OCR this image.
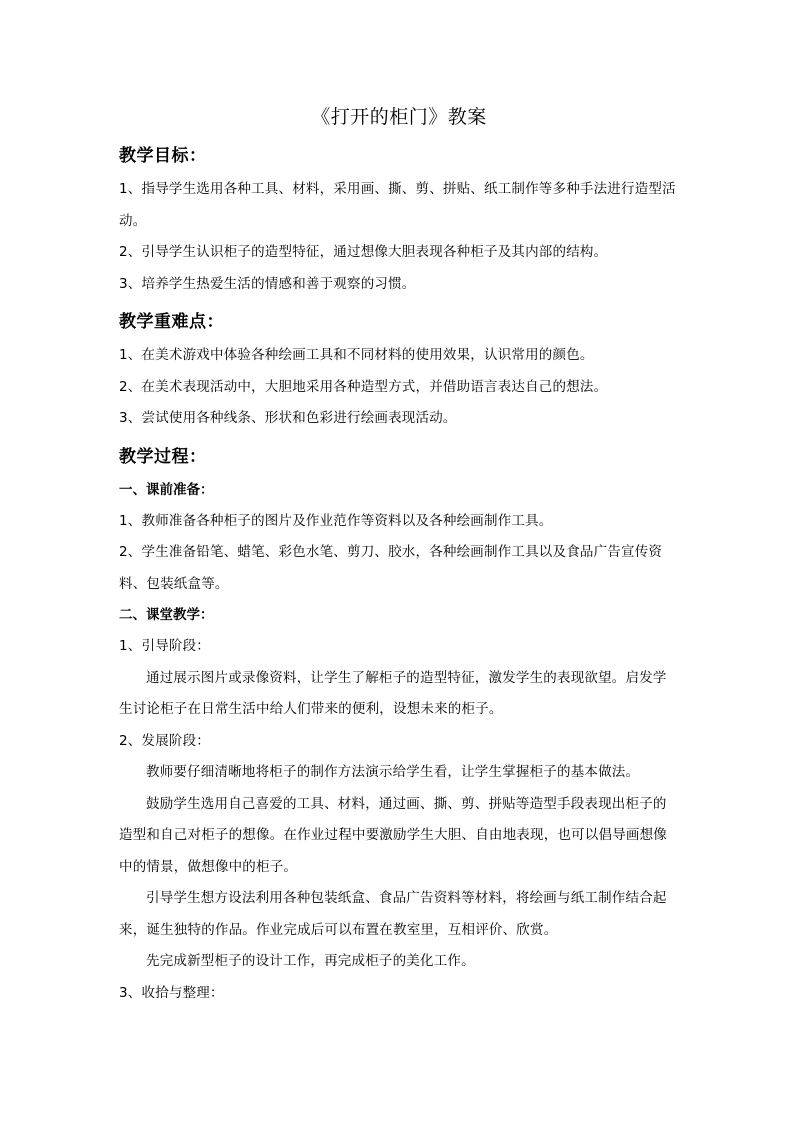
《打开的柜门》教案
教学目标：

1、指导学生选用各种工具、材料，采用画、撕、剪、拼贴、纸工制作等多种手法进行造型活动。

2、引导学生认识柜子的造型特征，通过想像大胆表现各种柜子及其内部的结构。

3、培养学生热爱生活的情感和善于观察的习惯。

教学重难点：

1、在美术游戏中体验各种绘画工具和不同材料的使用效果，认识常用的颜色。

2、在美术表现活动中，大胆地采用各种造型方式，并借助语言表达自己的想法。

3、尝试使用各种线条、形状和色彩进行绘画表现活动。

教学过程：
一、课前准备：

1、教师准备各种柜子的图片及作业范作等资料以及各种绘画制作工具。

2、学生准备铅笔、蜡笔、彩色水笔、剪刀、胶水，各种绘画制作工具以及食品广告宣传资料、包装纸盒等。

二、课堂教学：

1、引导阶段：

通过展示图片或录像资料，让学生了解柜子的造型特征，激发学生的表现欲望。启发学生讨论柜子在日常生活中给人们带来的便利，设想未来的柜子。

2、发展阶段：

教师要仔细清晰地将柜子的制作方法演示给学生看，让学生掌握柜子的基本做法。

鼓励学生选用自己喜爱的工具、材料，通过画、撕、剪、拼贴等造型手段表现出柜子的造型和自己对柜子的想像。在作业过程中要激励学生大胆、自由地表现，也可以倡导画想像中的情景，做想像中的柜子。

引导学生想方设法利用各种包装纸盒、食品广告资料等材料，将绘画与纸工制作结合起来，诞生独特的作品。作业完成后可以布置在教室里，互相评价、欣赏。

先完成新型柜子的设计工作，再完成柜子的美化工作。

3、收拾与整理：
